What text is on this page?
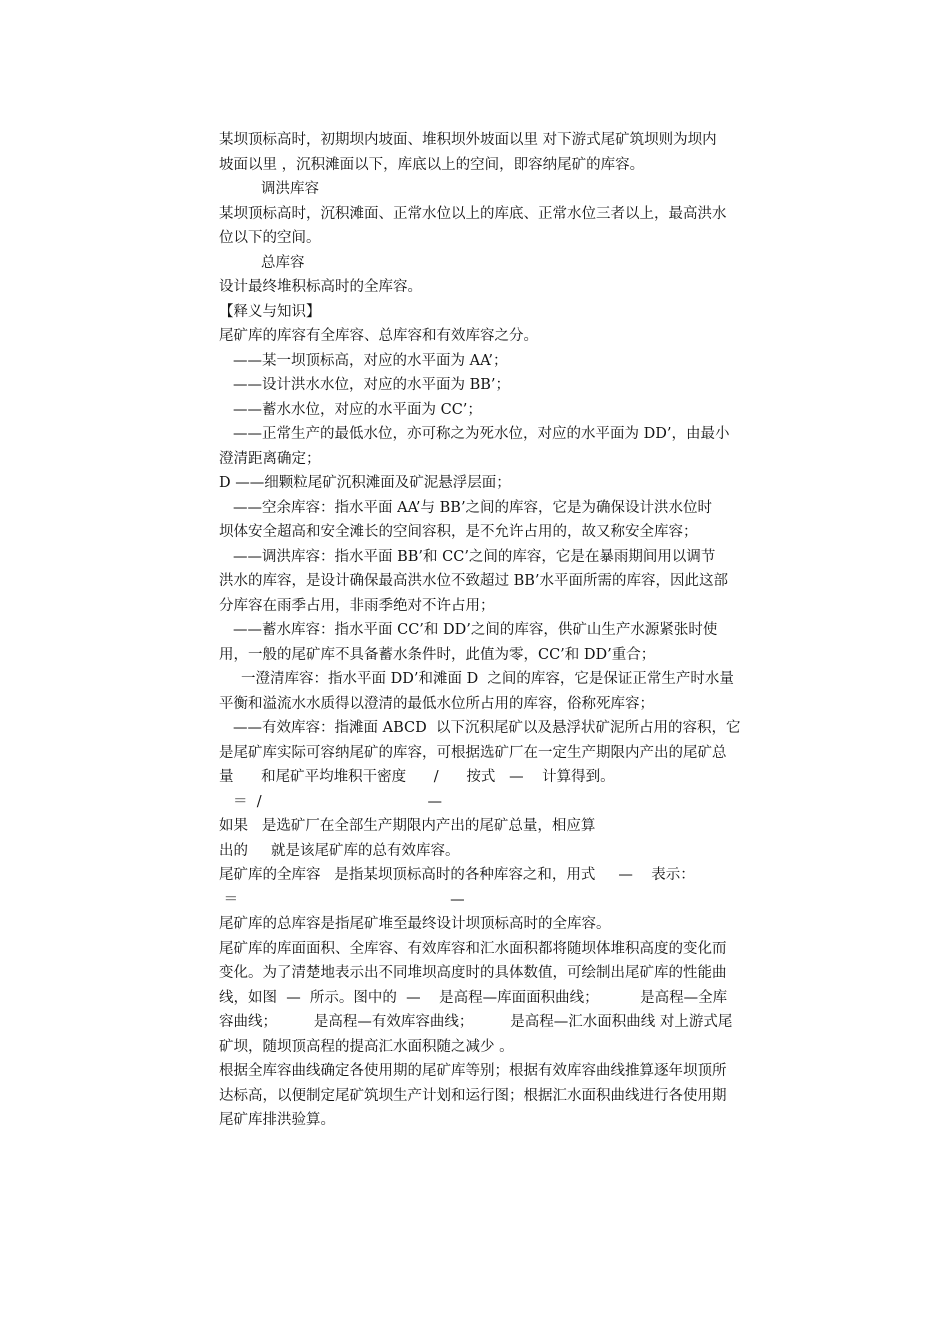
某坝顶标高时，初期坝内坡面、堆积坝外坡面以里 对下游式尾矿筑坝则为坝内
坡面以里 ，沉积滩面以下，库底以上的空间，即容纳尾矿的库容。
调洪库容
某坝顶标高时，沉积滩面、正常水位以上的库底、正常水位三者以上，最高洪水
位以下的空间。
总库容
设计最终堆积标高时的全库容。
【释义与知识】
尾矿库的库容有全库容、总库容和有效库容之分。
——某一坝顶标高，对应的水平面为 AA’；
——设计洪水水位，对应的水平面为 BB’；
——蓄水水位，对应的水平面为 CC’；
——正常生产的最低水位，亦可称之为死水位，对应的水平面为 DD’，由最小
澄清距离确定；
D ——细颗粒尾矿沉积滩面及矿泥悬浮层面；
——空余库容：指水平面 AA’与 BB’之间的库容，它是为确保设计洪水位时
坝体安全超高和安全滩长的空间容积，是不允许占用的，故又称安全库容；
——调洪库容：指水平面 BB’和 CC’之间的库容，它是在暴雨期间用以调节
洪水的库容，是设计确保最高洪水位不致超过 BB’水平面所需的库容，因此这部
分库容在雨季占用，非雨季绝对不许占用；
——蓄水库容：指水平面 CC’和 DD’之间的库容，供矿山生产水源紧张时使
用，一般的尾矿库不具备蓄水条件时，此值为零，CC’和 DD’重合；
一澄清库容：指水平面 DD’和滩面 D  之间的库容，它是保证正常生产时水量
平衡和溢流水水质得以澄清的最低水位所占用的库容，俗称死库容；
——有效库容：指滩面 ABCD  以下沉积尾矿以及悬浮状矿泥所占用的容积，它
是尾矿库实际可容纳尾矿的库容，可根据选矿厂在一定生产期限内产出的尾矿总
量      和尾矿平均堆积干密度      /      按式   —    计算得到。
＝  /                                    —
如果   是选矿厂在全部生产期限内产出的尾矿总量，相应算
出的     就是该尾矿库的总有效库容。
尾矿库的全库容   是指某坝顶标高时的各种库容之和，用式     —    表示：
＝                                              —
尾矿库的总库容是指尾矿堆至最终设计坝顶标高时的全库容。
尾矿库的库面面积、全库容、有效库容和汇水面积都将随坝体堆积高度的变化而
变化。为了清楚地表示出不同堆坝高度时的具体数值，可绘制出尾矿库的性能曲
线，如图  —  所示。图中的  —    是高程—库面面积曲线；         是高程—全库
容曲线；        是高程—有效库容曲线；        是高程—汇水面积曲线 对上游式尾
矿坝，随坝顶高程的提高汇水面积随之减少 。
根据全库容曲线确定各使用期的尾矿库等别；根据有效库容曲线推算逐年坝顶所
达标高，以便制定尾矿筑坝生产计划和运行图；根据汇水面积曲线进行各使用期
尾矿库排洪验算。
